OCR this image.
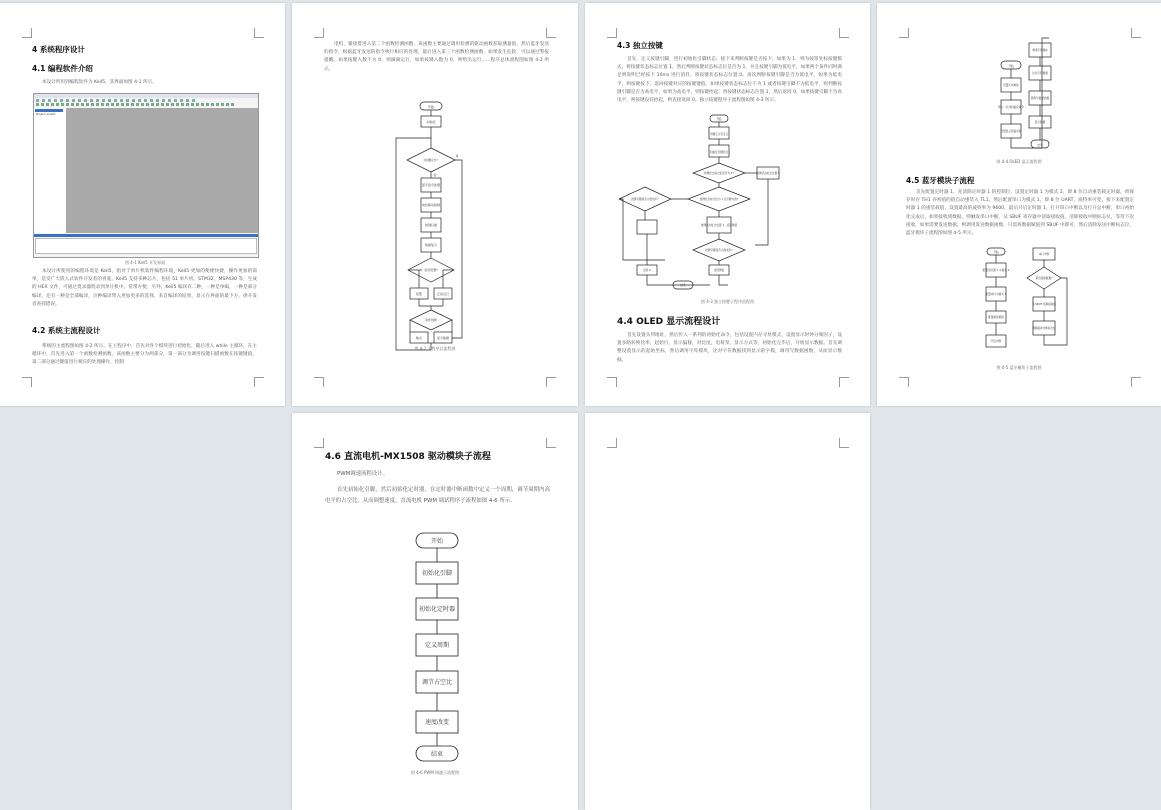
4 系统程序设计
4.1 编程软件介绍
本设计所用到编程软件为 Keil5，其界面如图 4-1 所示。
Project: project
图 4-1 Keil5 开发界面
本设计所使用的编程环境是 Keil5，指对于单片机软件编程环境，Keil5 更加的便捷快捷，操作更加的简单，是受广大嵌入式软件开发者的喜爱。Keil5 支持多种芯片，包括 51 单片机、STM32、MSP430 等，生成的 HEX 文件，可通过烧录器烧录到单片机中。常带方便，另外，Keil5 编译有二种，一种是单编，一种是部分编译，还有一种是全部编译，这种编译带入更加更多的选择，来自编译的结果，显示在界面的最下方，供开发者查找错误。
4.2 系统主流程设计
系统的主流程图如图 4-2 所示。在主程序中，首先对各个模块进行初始化，随后进入 while 主循环，在主循环中，首先进入第一个函数检测函数，该函数主要分为两部分，第一部分为调用按键扫描函数在按键键值，第二部分通过键值进行相应的处理操作，控制
电机，紧接着进入第二个函数检测函数，该函数主要通过调用检测的驱动函数获取测量值，然后蓝牙发送的指令，根据蓝牙发送的指令执行相应的处理，最后进入第三个函数检测函数，如果发生危险，可以通过警报提醒，如果按键入数不为 0，则滴滴运行，如果按键入数为 0，则给出运行......程序总体流程图如图 4-2 所示。
开始
初始化
检测标志?
蓝牙指令处理
电机驱动控制
按键扫描
数据显示
是否报警?
报警	正常运行
条件判断
输出	显示数据
是
否
图 4-2 主程序总流程图
4.3 独立按键
首先，定义按键引脚，进行初始化引脚状态。接下来判断按键是否按下，如果为 1，则为按钮处标按键模式，将按键状态标志位置 1，然后判断按键状态标志位是否为 1，并且按键引脚为低电平，如果两个条件同时满足则说明已经按下 10ms 进行消抖，将按键状态标志位置 0。再次判断按键引脚是否为低电平，如果为低电平，则按键按下，返回按键对应的按键键值。如果按键状态标志位不为 1 或者按键引脚不为低电平，则判断按键引脚是否为高电平，如果为高电平，则按键抬起，将按键状态标志位置 1，然后返回 0，如果按键引脚不为高电平，则按键没有抬起，则直接返回 0。独立按键程序子流程图如图 4-3 所示。
开始
引脚定义宏定义
初始化引脚状态
按键状态标志位是否为 1?	按键状态标志位置 0
按键状态标志位为 1 且引脚为低?
按键引脚是否为低电平?
按键状态标志位置 1，返回键值
按键引脚是否为高电平?
返回 0	返回键值
结束
图 4-3 独立按键子程序流程图
4.4 OLED 显示流程设计
首先设置头列地址，然后传入一系列的初始化命令，包括设置内存寻址模式，设置显示时钟分频因子，设置多路转换比率，起始行，显示偏移，对比度，电荷泵，显示方式等，初始化完毕后，开始显示数据。首先调整设置显示的起始坐标，然后调用字库模块，比对字符数据找到显示的字模，调用写数据函数，从而显示数据。
开始
设置头列地址
传入一系列初始化命令
设置显示起始坐标
调用字库模块
比对字符数据
调用写数据函数
显示数据
结束
图 4-4 OLED 显示流程图
4.5 蓝牙模块子流程
首先配置定时器 1，先清除定时器 1 的控制位，设置定时器 1 为模式 2，即 8 位自动重装载定时器，将保存时存 TH1 存初值的值自动重装入 TL1。然后配置串口为模式 1，即 8 位 UART，波特率可变，接下来配置定时器 1 的重装载值，设置最高的波特率为 9600，最后开启定时器 1，打开串口中断以及打开总中断，串口初始化完成后，如果接收到数据，则触发串口中断。从 SBUF 寄存器中读取接收值，清除接收中断标志位，等待下次接收，如果需要发送数据，则调用发送数据函数，只需将数据赋值到 SBUF 中即可，然后清除发送中断标志位，蓝牙模块子流程图如图 4-5 所示。
开始
配置定时器 1 为模式 2
配置串口为模式 1
配置重装载值
开启中断
串口中断
是否接收数据?
从 SBUF 读取接收值
清除接收中断标志位
图 4-5 蓝牙模块子流程图
4.6 直流电机-MX1508 驱动模块子流程
PWM调速流程设计。
首先初始化引脚，然后初始化定时器，在定时器中断函数中定义一个周期，调节周期内高电平的占空比，从而调整速度。直流电机 PWM 调试程序子流程如图 4-6 所示。
开始
初始化引脚
初始化定时器
定义周期
调节占空比
速度改变
结束
图 4-6 PWM 调速子流程图
